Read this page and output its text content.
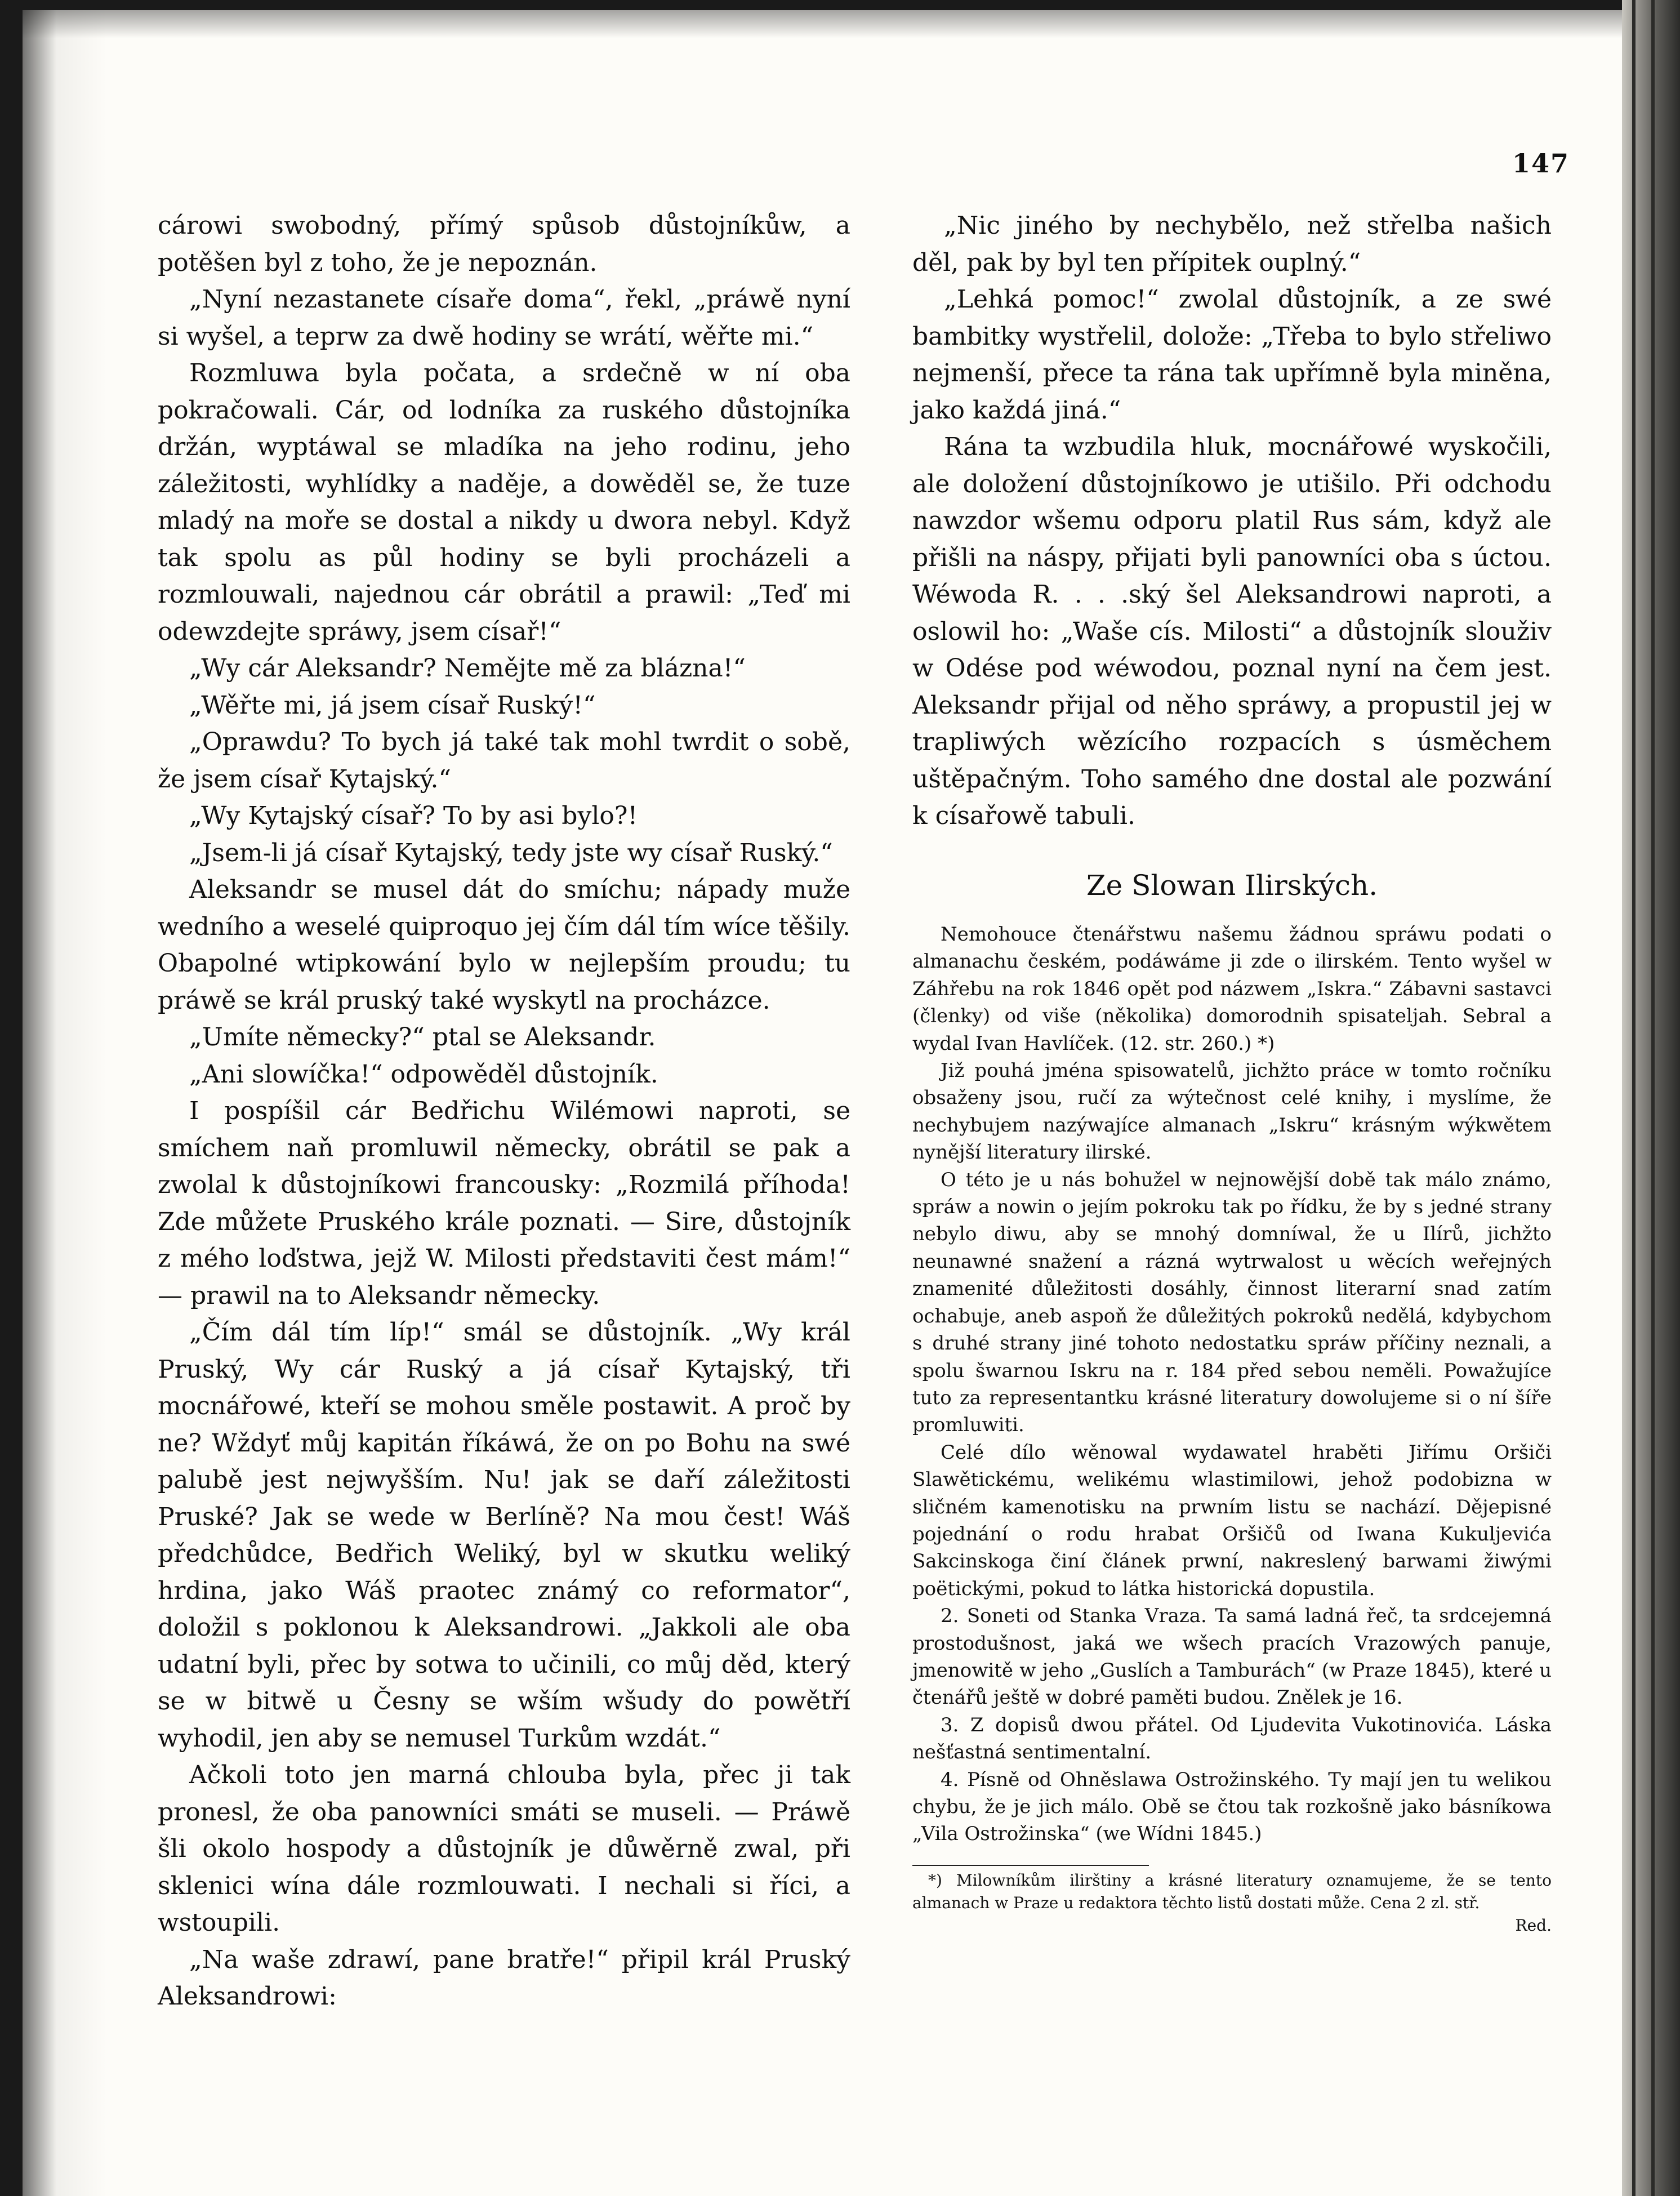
147

cárowi swobodný, přímý spůsob důstojníkůw, a potěšen byl z toho, že je nepoznán.

„Nyní nezastanete císaře doma“, řekl, „práwě nyní si wyšel, a teprw za dwě hodiny se wrátí, wěřte mi.“

Rozmluwa byla počata, a srdečně w ní oba pokračowali. Cár, od lodníka za ruského důstojníka držán, wyptáwal se mladíka na jeho rodinu, jeho záležitosti, wyhlídky a naděje, a dowěděl se, že tuze mladý na moře se dostal a nikdy u dwora nebyl. Když tak spolu as půl hodiny se byli procházeli a rozmlouwali, najednou cár obrátil a prawil: „Teď mi odewzdejte spráwy, jsem císař!“

„Wy cár Aleksandr? Nemějte mě za blázna!“

„Wěřte mi, já jsem císař Ruský!“

„Oprawdu? To bych já také tak mohl twrdit o sobě, že jsem císař Kytajský.“

„Wy Kytajský císař? To by asi bylo?!

„Jsem-li já císař Kytajský, tedy jste wy císař Ruský.“

Aleksandr se musel dát do smíchu; nápady muže wedního a weselé quiproquo jej čím dál tím wíce těšily. Obapolné wtipkowání bylo w nejlepším proudu; tu práwě se král pruský také wyskytl na procházce.

„Umíte německy?“ ptal se Aleksandr.

„Ani slowíčka!“ odpowěděl důstojník.

I pospíšil cár Bedřichu Wilémowi naproti, se smíchem naň promluwil německy, obrátil se pak a zwolal k důstojníkowi francousky: „Rozmilá příhoda! Zde můžete Pruského krále poznati. — Sire, důstojník z mého loďstwa, jejž W. Milosti představiti čest mám!“ — prawil na to Aleksandr německy.

„Čím dál tím líp!“ smál se důstojník. „Wy král Pruský, Wy cár Ruský a já císař Kytajský, tři mocnářowé, kteří se mohou směle postawit. A proč by ne? Wždyť můj kapitán říkáwá, že on po Bohu na swé palubě jest nejwyšším. Nu! jak se daří záležitosti Pruské? Jak se wede w Berlíně? Na mou čest! Wáš předchůdce, Bedřich Weliký, byl w skutku weliký hrdina, jako Wáš praotec známý co reformator“, doložil s poklonou k Aleksandrowi. „Jakkoli ale oba udatní byli, přec by sotwa to učinili, co můj děd, který se w bitwě u Česny se wším wšudy do powětří wyhodil, jen aby se nemusel Turkům wzdát.“

Ačkoli toto jen marná chlouba byla, přec ji tak pronesl, že oba panowníci smáti se museli. — Práwě šli okolo hospody a důstojník je důwěrně zwal, při sklenici wína dále rozmlouwati. I nechali si říci, a wstoupili.

„Na waše zdrawí, pane bratře!“ připil král Pruský Aleksandrowi:

„Nic jiného by nechybělo, než střelba našich děl, pak by byl ten přípitek ouplný.“

„Lehká pomoc!“ zwolal důstojník, a ze swé bambitky wystřelil, dolože: „Třeba to bylo střeliwo nejmenší, přece ta rána tak upřímně byla miněna, jako každá jiná.“

Rána ta wzbudila hluk, mocnářowé wyskočili, ale doložení důstojníkowo je utišilo. Při odchodu nawzdor wšemu odporu platil Rus sám, když ale přišli na náspy, přijati byli panowníci oba s úctou. Wéwoda R. . . .ský šel Aleksandrowi naproti, a oslowil ho: „Waše cís. Milosti“ a důstojník slouživ w Odése pod wéwodou, poznal nyní na čem jest. Aleksandr přijal od něho spráwy, a propustil jej w trapliwých wězícího rozpacích s úsměchem uštěpačným. Toho samého dne dostal ale pozwání k císařowě tabuli.

Ze Slowan Ilirských.

Nemohouce čtenářstwu našemu žádnou spráwu podati o almanachu českém, podáwáme ji zde o ilirském. Tento wyšel w Záhřebu na rok 1846 opět pod názwem „Iskra.“ Zábavni sastavci (členky) od više (několika) domorodnih spisateljah. Sebral a wydal Ivan Havlíček. (12. str. 260.) *)

Již pouhá jména spisowatelů, jichžto práce w tomto ročníku obsaženy jsou, ručí za wýtečnost celé knihy, i myslíme, že nechybujem nazýwajíce almanach „Iskru“ krásným wýkwětem nynější literatury ilirské.

O této je u nás bohužel w nejnowější době tak málo známo, spráw a nowin o jejím pokroku tak po řídku, že by s jedné strany nebylo diwu, aby se mnohý domníwal, že u Ilírů, jichžto neunawné snažení a rázná wytrwalost u wěcích weřejných znamenité důležitosti dosáhly, činnost literarní snad zatím ochabuje, aneb aspoň že důležitých pokroků nedělá, kdybychom s druhé strany jiné tohoto nedostatku spráw příčiny neznali, a spolu šwarnou Iskru na r. 184 před sebou neměli. Powažujíce tuto za representantku krásné literatury dowolujeme si o ní šíře promluwiti.

Celé dílo wěnowal wydawatel hraběti Jiřímu Oršiči Slawětickému, welikému wlastimilowi, jehož podobizna w sličném kamenotisku na prwním listu se nachází. Dějepisné pojednání o rodu hrabat Oršičů od Iwana Kukuljevića Sakcinskoga činí článek prwní, nakreslený barwami žiwými poëtickými, pokud to látka historická dopustila.

2. Soneti od Stanka Vraza. Ta samá ladná řeč, ta srdcejemná prostodušnost, jaká we wšech pracích Vrazowých panuje, jmenowitě w jeho „Guslích a Tamburách“ (w Praze 1845), které u čtenářů ještě w dobré paměti budou. Znělek je 16.

3. Z dopisů dwou přátel. Od Ljudevita Vukotinovića. Láska nešťastná sentimentalní.

4. Písně od Ohněslawa Ostrožinského. Ty mají jen tu welikou chybu, že je jich málo. Obě se čtou tak rozkošně jako básníkowa „Vila Ostrožinska“ (we Wídni 1845.)

*) Milowníkům ilirštiny a krásné literatury oznamujeme, že se tento almanach w Praze u redaktora těchto listů dostati může. Cena 2 zl. stř.

Red.
